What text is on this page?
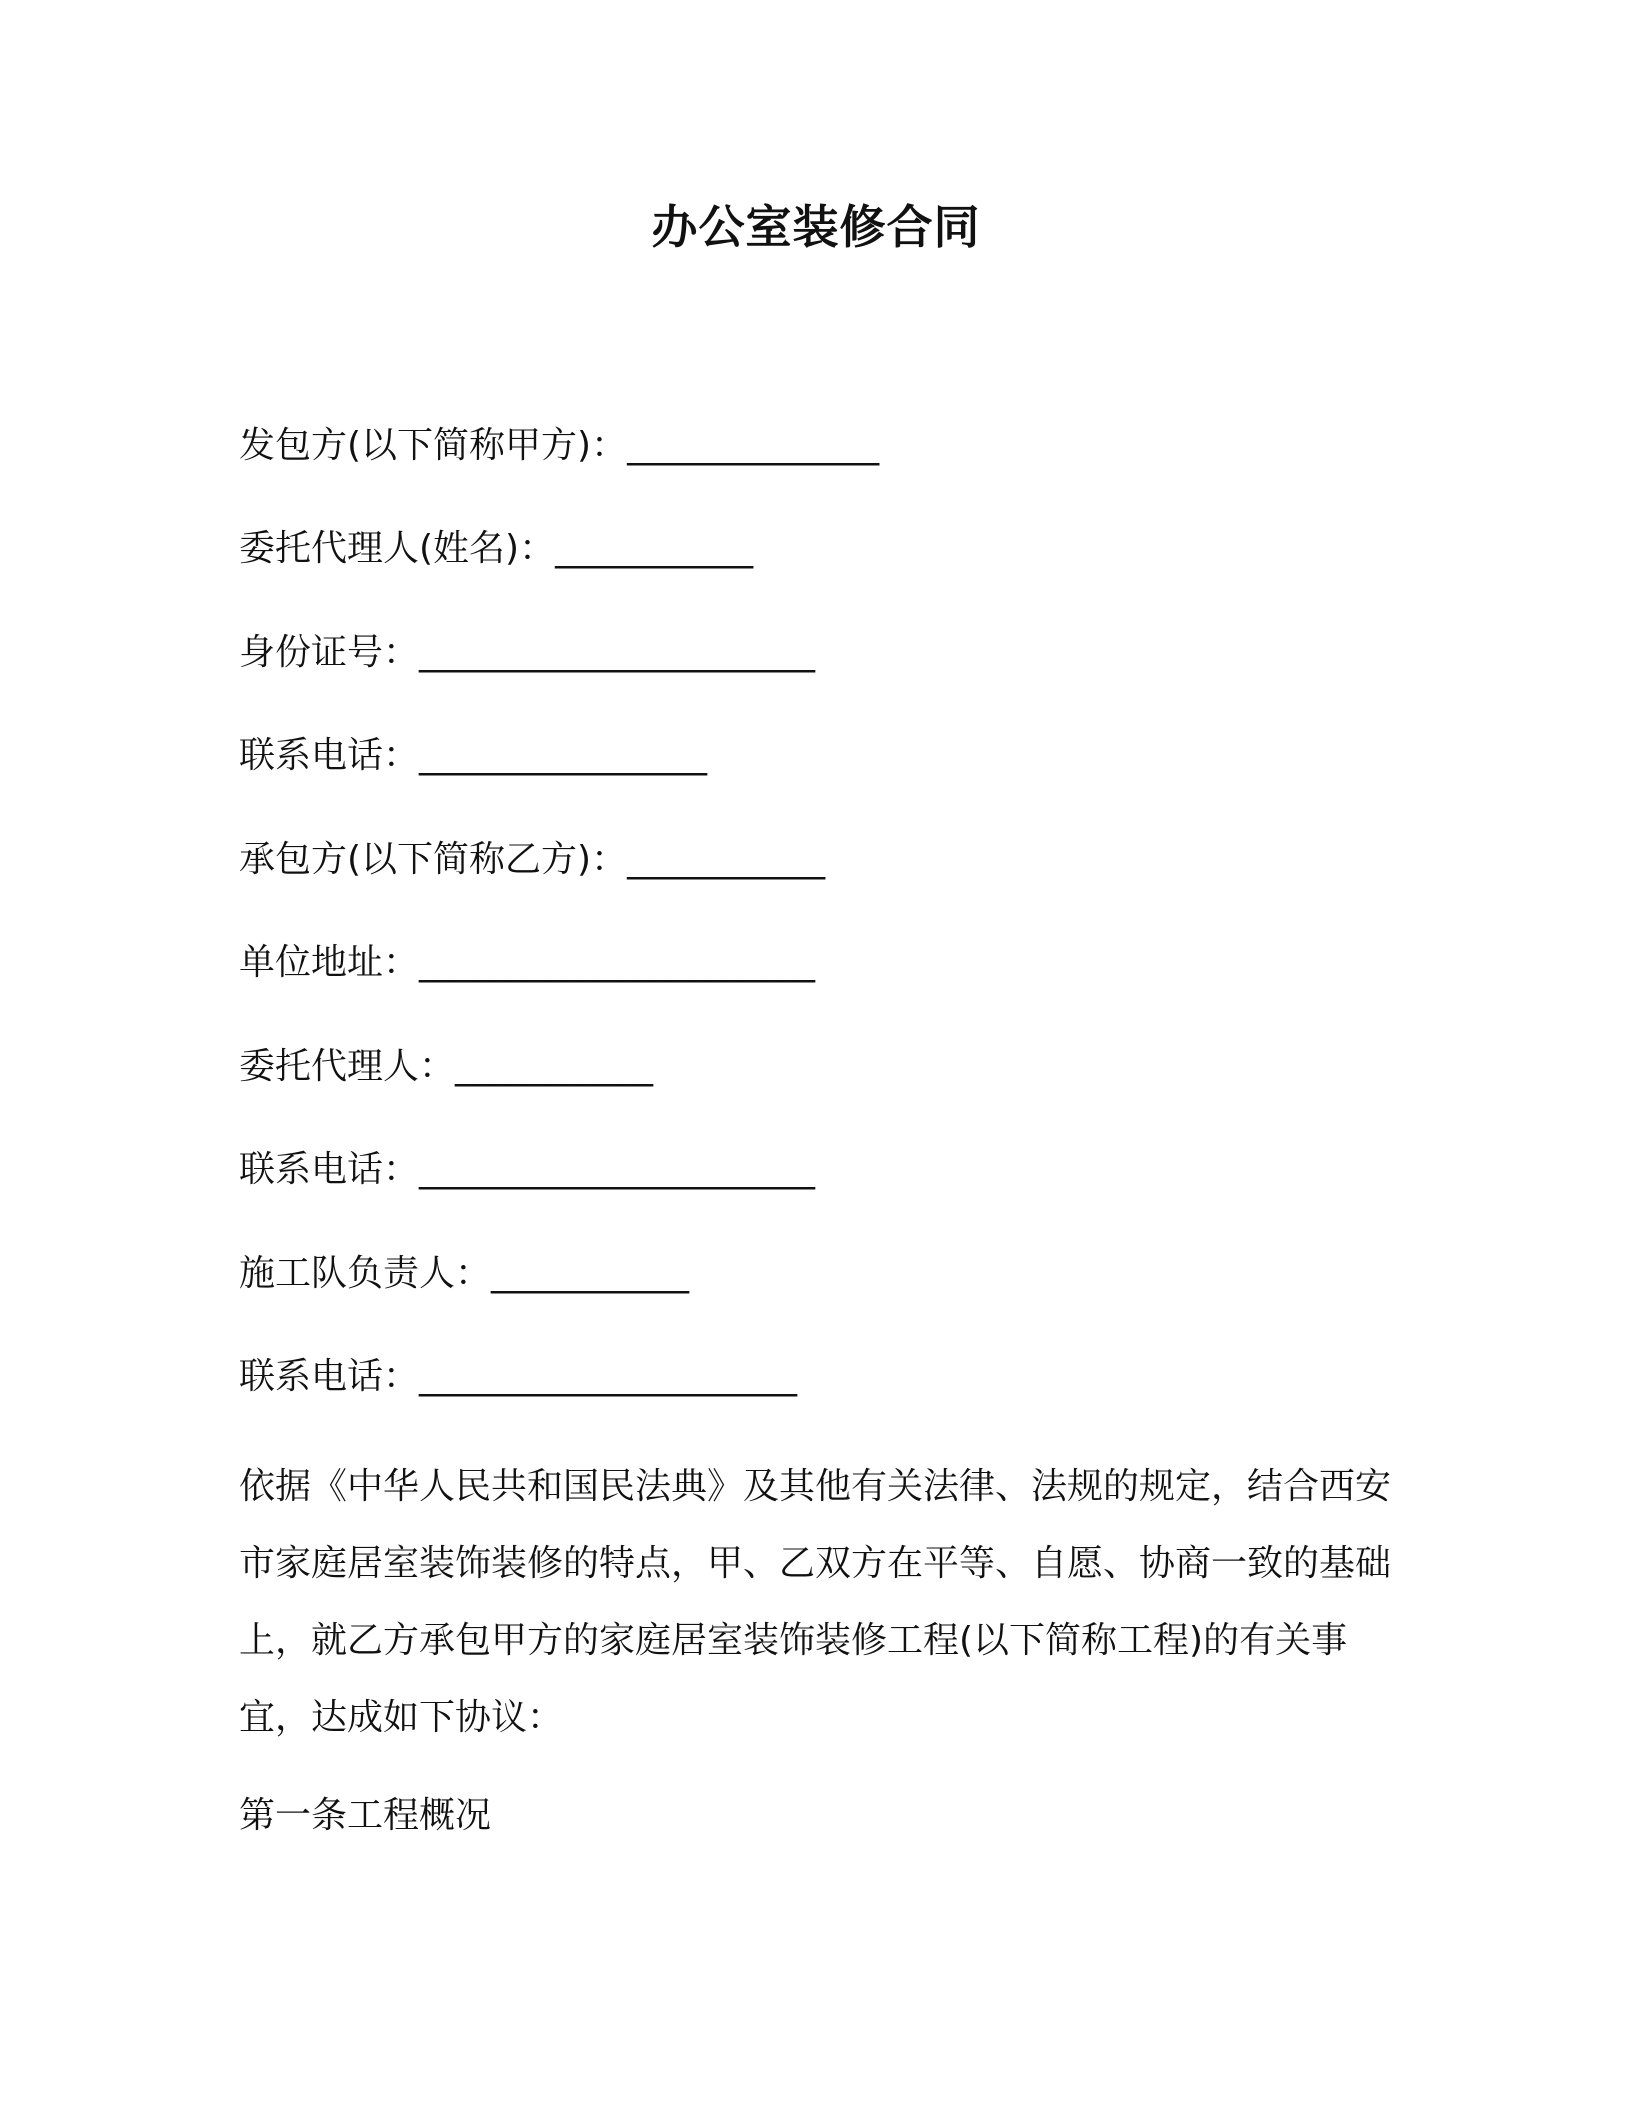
办公室装修合同
发包方(以下简称甲方)：______________
委托代理人(姓名)：___________
身份证号：______________________
联系电话：________________
承包方(以下简称乙方)：___________
单位地址：______________________
委托代理人：___________
联系电话：______________________
施工队负责人：___________
联系电话：_____________________
依据《中华人民共和国民法典》及其他有关法律、法规的规定，结合西安市家庭居室装饰装修的特点，甲、乙双方在平等、自愿、协商一致的基础上，就乙方承包甲方的家庭居室装饰装修工程(以下简称工程)的有关事宜，达成如下协议：
第一条工程概况
